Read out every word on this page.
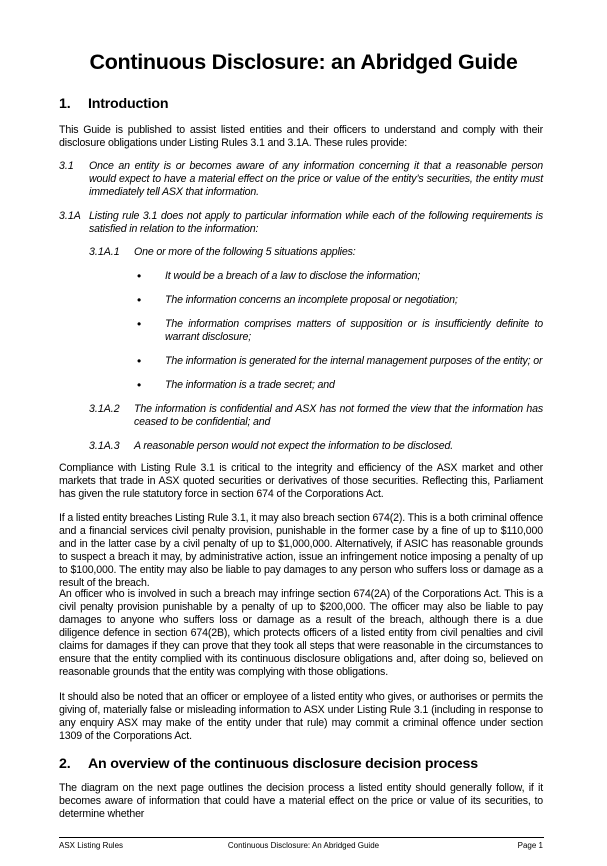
Continuous Disclosure: an Abridged Guide
1. Introduction
This Guide is published to assist listed entities and their officers to understand and comply with their disclosure obligations under Listing Rules 3.1 and 3.1A. These rules provide:
3.1 Once an entity is or becomes aware of any information concerning it that a reasonable person would expect to have a material effect on the price or value of the entity’s securities, the entity must immediately tell ASX that information.
3.1A Listing rule 3.1 does not apply to particular information while each of the following requirements is satisfied in relation to the information:
3.1A.1 One or more of the following 5 situations applies:
• It would be a breach of a law to disclose the information;
• The information concerns an incomplete proposal or negotiation;
• The information comprises matters of supposition or is insufficiently definite to warrant disclosure;
• The information is generated for the internal management purposes of the entity; or
• The information is a trade secret; and
3.1A.2 The information is confidential and ASX has not formed the view that the information has ceased to be confidential; and
3.1A.3 A reasonable person would not expect the information to be disclosed.
Compliance with Listing Rule 3.1 is critical to the integrity and efficiency of the ASX market and other markets that trade in ASX quoted securities or derivatives of those securities. Reflecting this, Parliament has given the rule statutory force in section 674 of the Corporations Act.
If a listed entity breaches Listing Rule 3.1, it may also breach section 674(2). This is a both criminal offence and a financial services civil penalty provision, punishable in the former case by a fine of up to $110,000 and in the latter case by a civil penalty of up to $1,000,000. Alternatively, if ASIC has reasonable grounds to suspect a breach it may, by administrative action, issue an infringement notice imposing a penalty of up to $100,000. The entity may also be liable to pay damages to any person who suffers loss or damage as a result of the breach.
An officer who is involved in such a breach may infringe section 674(2A) of the Corporations Act. This is a civil penalty provision punishable by a penalty of up to $200,000. The officer may also be liable to pay damages to anyone who suffers loss or damage as a result of the breach, although there is a due diligence defence in section 674(2B), which protects officers of a listed entity from civil penalties and civil claims for damages if they can prove that they took all steps that were reasonable in the circumstances to ensure that the entity complied with its continuous disclosure obligations and, after doing so, believed on reasonable grounds that the entity was complying with those obligations.
It should also be noted that an officer or employee of a listed entity who gives, or authorises or permits the giving of, materially false or misleading information to ASX under Listing Rule 3.1 (including in response to any enquiry ASX may make of the entity under that rule) may commit a criminal offence under section 1309 of the Corporations Act.
2. An overview of the continuous disclosure decision process
The diagram on the next page outlines the decision process a listed entity should generally follow, if it becomes aware of information that could have a material effect on the price or value of its securities, to determine whether
ASX Listing Rules	Continuous Disclosure: An Abridged Guide	Page 1
